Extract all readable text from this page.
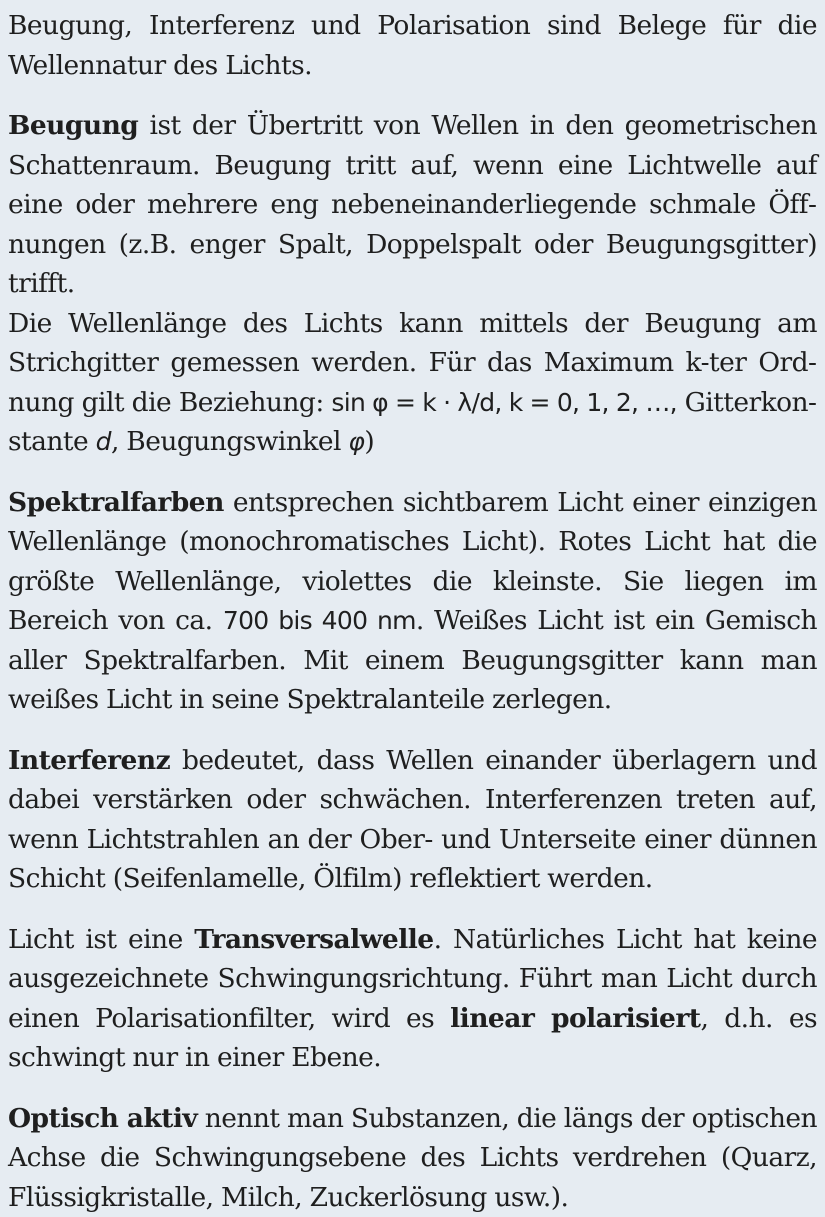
Beugung, Interferenz und Polarisation sind Belege für die Wellennatur des Lichts.

Beugung ist der Übertritt von Wellen in den geometrischen Schattenraum. Beugung tritt auf, wenn eine Lichtwelle auf eine oder mehrere eng nebeneinanderliegende schmale Öffnungen (z.B. enger Spalt, Doppelspalt oder Beugungsgitter) trifft.

Die Wellenlänge des Lichts kann mittels der Beugung am Strichgitter gemessen werden. Für das Maximum k-ter Ordnung gilt die Beziehung: sin φ = k · λ/d, k = 0, 1, 2, …, Gitterkonstante d, Beugungswinkel φ)

Spektralfarben entsprechen sichtbarem Licht einer einzigen Wellenlänge (monochromatisches Licht). Rotes Licht hat die größte Wellenlänge, violettes die kleinste. Sie liegen im Bereich von ca. 700 bis 400 nm. Weißes Licht ist ein Gemisch aller Spektralfarben. Mit einem Beugungsgitter kann man weißes Licht in seine Spektralanteile zerlegen.

Interferenz bedeutet, dass Wellen einander überlagern und dabei verstärken oder schwächen. Interferenzen treten auf, wenn Lichtstrahlen an der Ober- und Unterseite einer dünnen Schicht (Seifenlamelle, Ölfilm) reflektiert werden.

Licht ist eine Transversalwelle. Natürliches Licht hat keine ausgezeichnete Schwingungsrichtung. Führt man Licht durch einen Polarisationfilter, wird es linear polarisiert, d.h. es schwingt nur in einer Ebene.

Optisch aktiv nennt man Substanzen, die längs der optischen Achse die Schwingungsebene des Lichts verdrehen (Quarz, Flüssigkristalle, Milch, Zuckerlösung usw.).
